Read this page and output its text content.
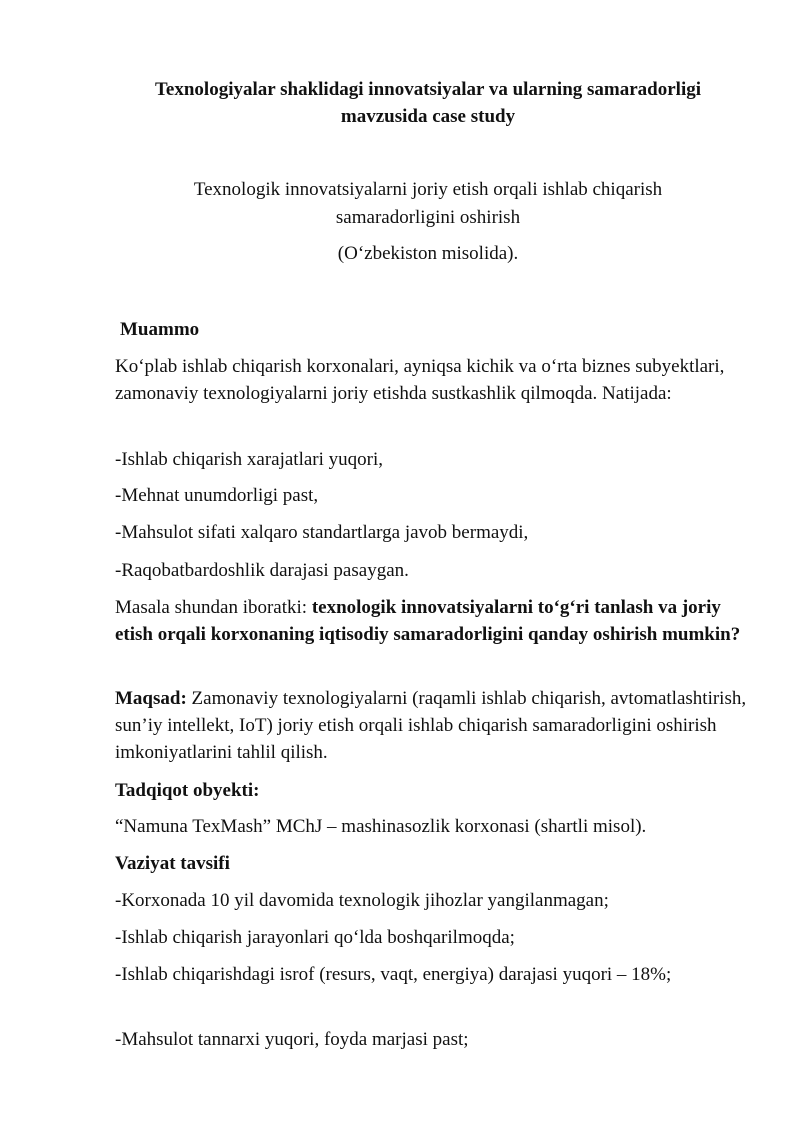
Texnologiyalar shaklidagi innovatsiyalar va ularning samaradorligi
mavzusida case study

Texnologik innovatsiyalarni joriy etish orqali ishlab chiqarish
samaradorligini oshirish

(O‘zbekiston misolida).

Muammo

Ko‘plab ishlab chiqarish korxonalari, ayniqsa kichik va o‘rta biznes subyektlari, zamonaviy texnologiyalarni joriy etishda sustkashlik qilmoqda. Natijada:

-Ishlab chiqarish xarajatlari yuqori,

-Mehnat unumdorligi past,

-Mahsulot sifati xalqaro standartlarga javob bermaydi,

-Raqobatbardoshlik darajasi pasaygan.

Masala shundan iboratki: texnologik innovatsiyalarni to‘g‘ri tanlash va joriy etish orqali korxonaning iqtisodiy samaradorligini qanday oshirish mumkin?

Maqsad: Zamonaviy texnologiyalarni (raqamli ishlab chiqarish, avtomatlashtirish, sun’iy intellekt, IoT) joriy etish orqali ishlab chiqarish samaradorligini oshirish imkoniyatlarini tahlil qilish.

Tadqiqot obyekti:

“Namuna TexMash” MChJ – mashinasozlik korxonasi (shartli misol).

Vaziyat tavsifi

-Korxonada 10 yil davomida texnologik jihozlar yangilanmagan;

-Ishlab chiqarish jarayonlari qo‘lda boshqarilmoqda;

-Ishlab chiqarishdagi isrof (resurs, vaqt, energiya) darajasi yuqori – 18%;

-Mahsulot tannarxi yuqori, foyda marjasi past;
